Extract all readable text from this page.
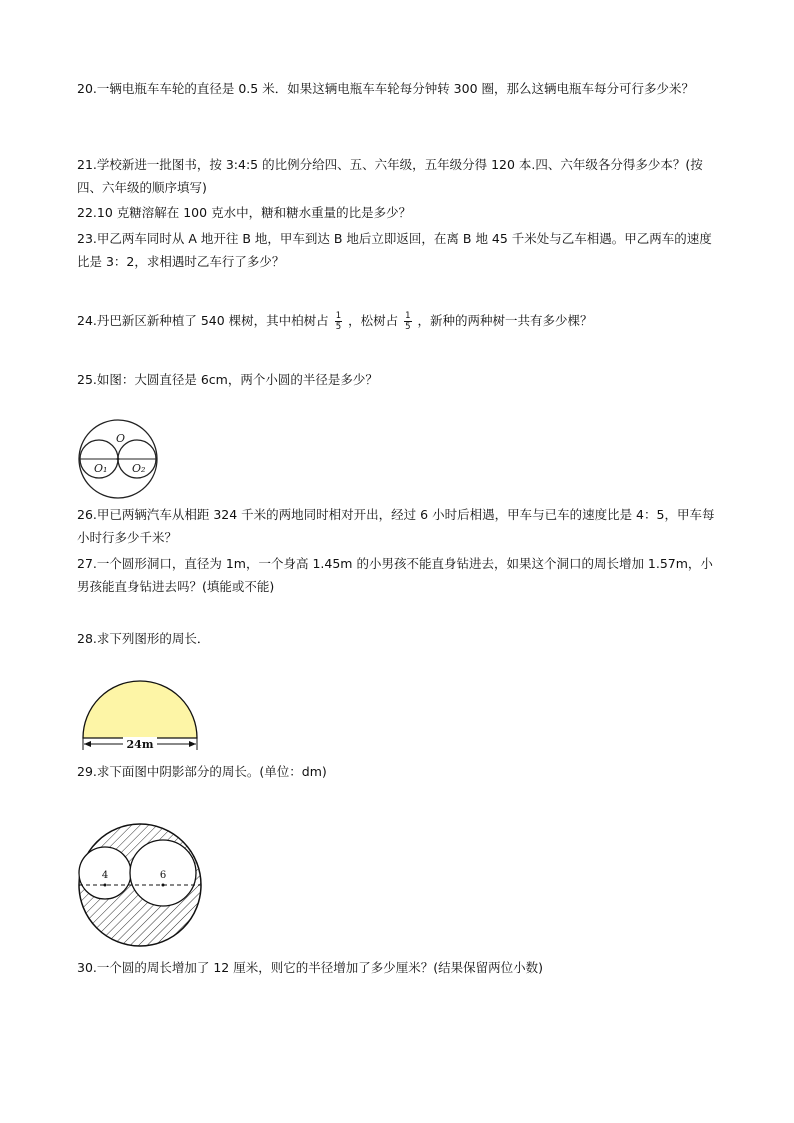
20.一辆电瓶车车轮的直径是 0.5 米．如果这辆电瓶车车轮每分钟转 300 圈，那么这辆电瓶车每分可行多少米？

21.学校新进一批图书，按 3:4:5 的比例分给四、五、六年级，五年级分得 120 本.四、六年级各分得多少本？(按四、六年级的顺序填写)

22.10 克糖溶解在 100 克水中，糖和糖水重量的比是多少？

23.甲乙两车同时从 A 地开往 B 地，甲车到达 B 地后立即返回，在离 B 地 45 千米处与乙车相遇。甲乙两车的速度比是 3：2，求相遇时乙车行了多少？

24.丹巴新区新种植了 540 棵树，其中柏树占 $\frac{1}{5}$ ，松树占 $\frac{1}{5}$ ，新种的两种树一共有多少棵？

25.如图：大圆直径是 6cm，两个小圆的半径是多少？

O
O₁ O₂

26.甲已两辆汽车从相距 324 千米的两地同时相对开出，经过 6 小时后相遇，甲车与已车的速度比是 4：5，甲车每小时行多少千米？

27.一个圆形洞口，直径为 1m，一个身高 1.45m 的小男孩不能直身钻进去，如果这个洞口的周长增加 1.57m，小男孩能直身钻进去吗？(填能或不能)

28.求下列图形的周长．

24m

29.求下面图中阴影部分的周长。(单位：dm)

4	6

30.一个圆的周长增加了 12 厘米，则它的半径增加了多少厘米？(结果保留两位小数)
